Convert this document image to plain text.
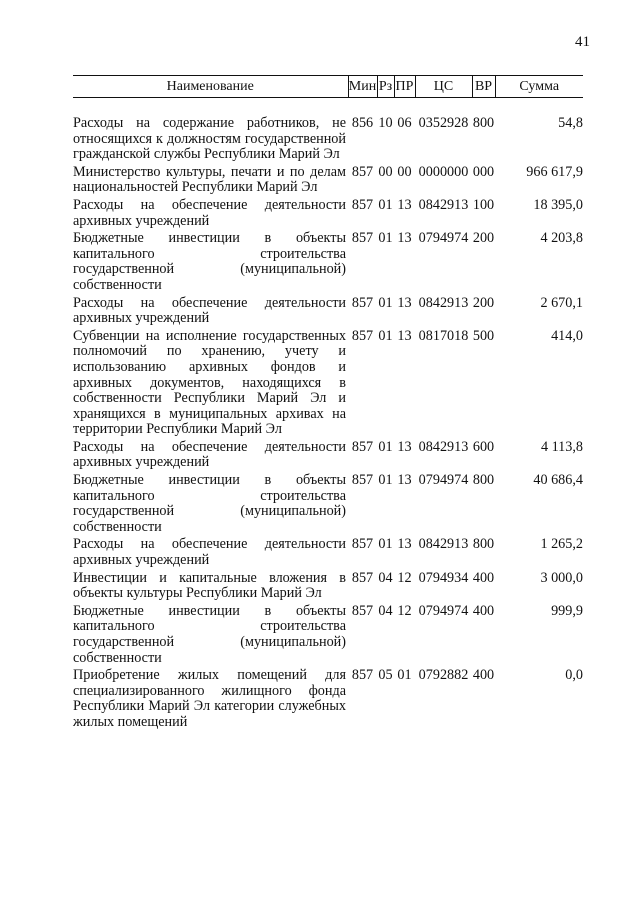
41
Наименование	Мин	Рз	ПР	ЦС	ВР	Сумма

Расходы на содержание работников, не относящихся к должностям государственной гражданской службы Республики Марий Эл	856	10	06	0352928	800	54,8
Министерство культуры, печати и по делам национальностей Республики Марий Эл	857	00	00	0000000	000	966 617,9
Расходы на обеспечение деятельности архивных учреждений	857	01	13	0842913	100	18 395,0
Бюджетные инвестиции в объекты капитального строительства государственной (муниципальной) собственности	857	01	13	0794974	200	4 203,8
Расходы на обеспечение деятельности архивных учреждений	857	01	13	0842913	200	2 670,1
Субвенции на исполнение государственных полномочий по хранению, учету и использованию архивных фондов и архивных документов, находящихся в собственности Республики Марий Эл и хранящихся в муниципальных архивах на территории Республики Марий Эл	857	01	13	0817018	500	414,0
Расходы на обеспечение деятельности архивных учреждений	857	01	13	0842913	600	4 113,8
Бюджетные инвестиции в объекты капитального строительства государственной (муниципальной) собственности	857	01	13	0794974	800	40 686,4
Расходы на обеспечение деятельности архивных учреждений	857	01	13	0842913	800	1 265,2
Инвестиции и капитальные вложения в объекты культуры Республики Марий Эл	857	04	12	0794934	400	3 000,0
Бюджетные инвестиции в объекты капитального строительства государственной (муниципальной) собственности	857	04	12	0794974	400	999,9
Приобретение жилых помещений для специализированного жилищного фонда Республики Марий Эл категории служебных жилых помещений	857	05	01	0792882	400	0,0
